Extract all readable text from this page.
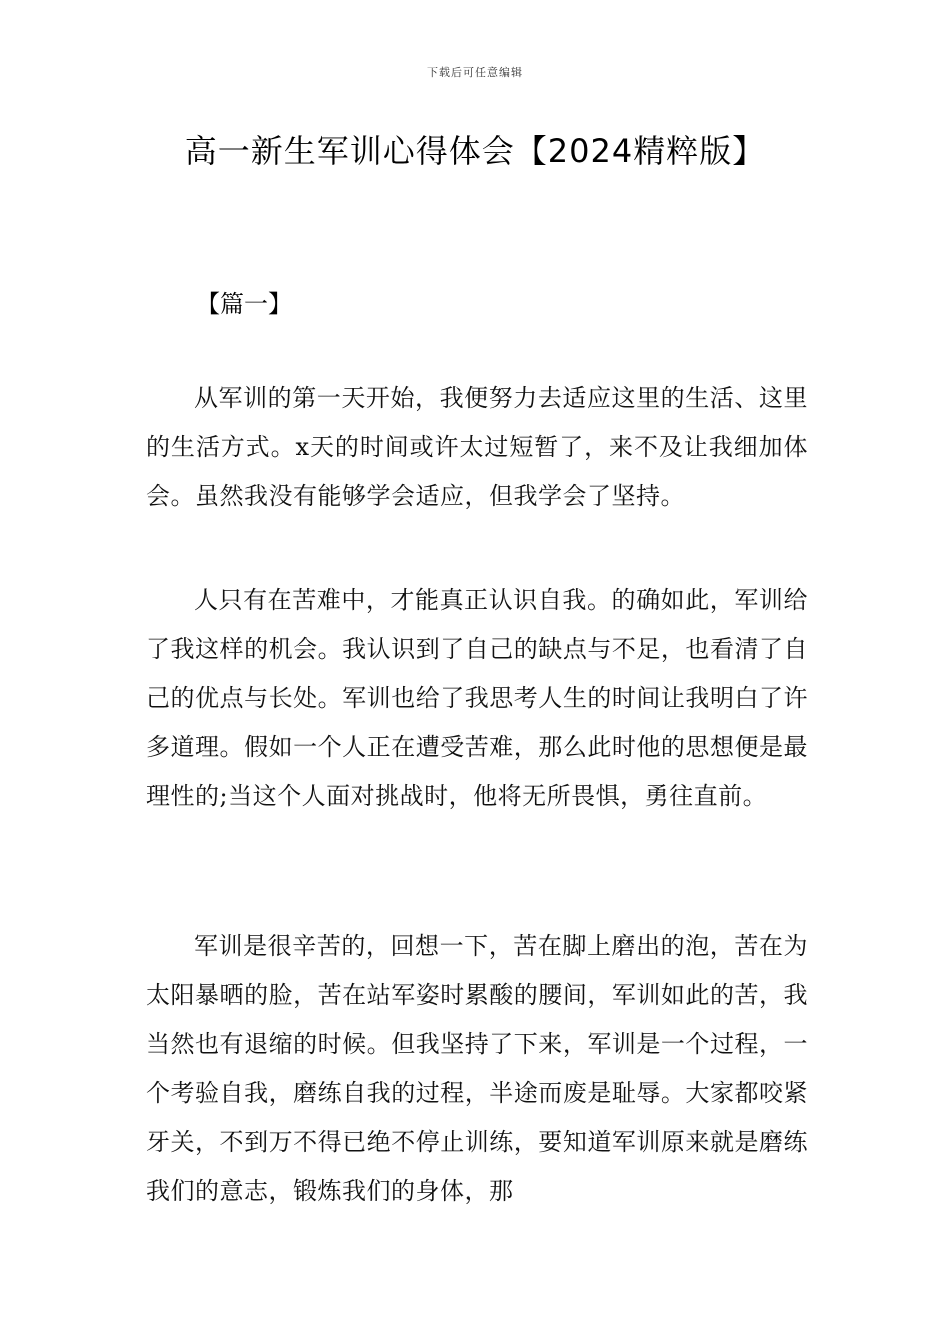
下载后可任意编辑
高一新生军训心得体会【2024精粹版】
【篇一】

从军训的第一天开始，我便努力去适应这里的生活、这里的生活方式。x天的时间或许太过短暂了，来不及让我细加体会。虽然我没有能够学会适应，但我学会了坚持。

人只有在苦难中，才能真正认识自我。的确如此，军训给了我这样的机会。我认识到了自己的缺点与不足，也看清了自己的优点与长处。军训也给了我思考人生的时间让我明白了许多道理。假如一个人正在遭受苦难，那么此时他的思想便是最理性的;当这个人面对挑战时，他将无所畏惧，勇往直前。

军训是很辛苦的，回想一下，苦在脚上磨出的泡，苦在为太阳暴晒的脸，苦在站军姿时累酸的腰间，军训如此的苦，我当然也有退缩的时候。但我坚持了下来，军训是一个过程，一个考验自我，磨练自我的过程，半途而废是耻辱。大家都咬紧牙关，不到万不得已绝不停止训练，要知道军训原来就是磨练我们的意志，锻炼我们的身体，那
